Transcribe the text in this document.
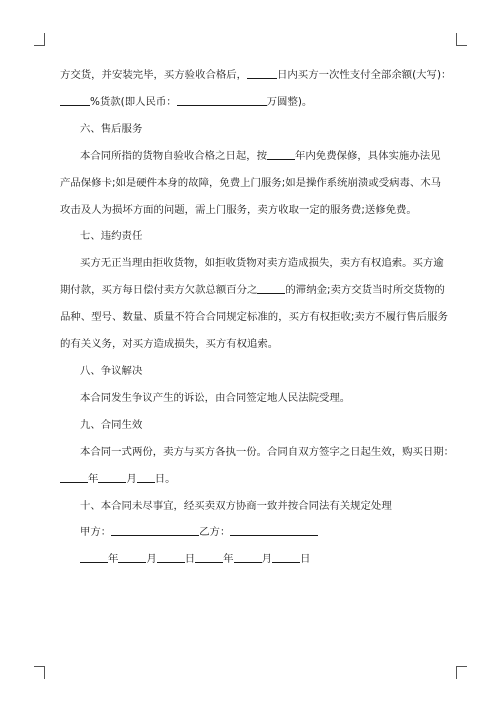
方交货，并安装完毕，买方验收合格后，	日内买方一次性支付全部余额(大写)：
%货款(即人民币：	万圆整)。
六、售后服务
本合同所指的货物自验收合格之日起，按	年内免费保修，具体实施办法见
产品保修卡;如是硬件本身的故障，免费上门服务;如是操作系统崩溃或受病毒、木马
攻击及人为损坏方面的问题，需上门服务，卖方收取一定的服务费;送修免费。
七、违约责任
买方无正当理由拒收货物，如拒收货物对卖方造成损失，卖方有权追索。买方逾
期付款，买方每日偿付卖方欠款总额百分之	的滞纳金;卖方交货当时所交货物的
品种、型号、数量、质量不符合合同规定标准的，买方有权拒收;卖方不履行售后服务
的有关义务，对买方造成损失，买方有权追索。
八、争议解决
本合同发生争议产生的诉讼，由合同签定地人民法院受理。
九、合同生效
本合同一式两份，卖方与买方各执一份。合同自双方签字之日起生效，购买日期：
年	月 日。
十、本合同未尽事宜，经买卖双方协商一致并按合同法有关规定处理
甲方：	乙方：
年	月	日	年	月	日
